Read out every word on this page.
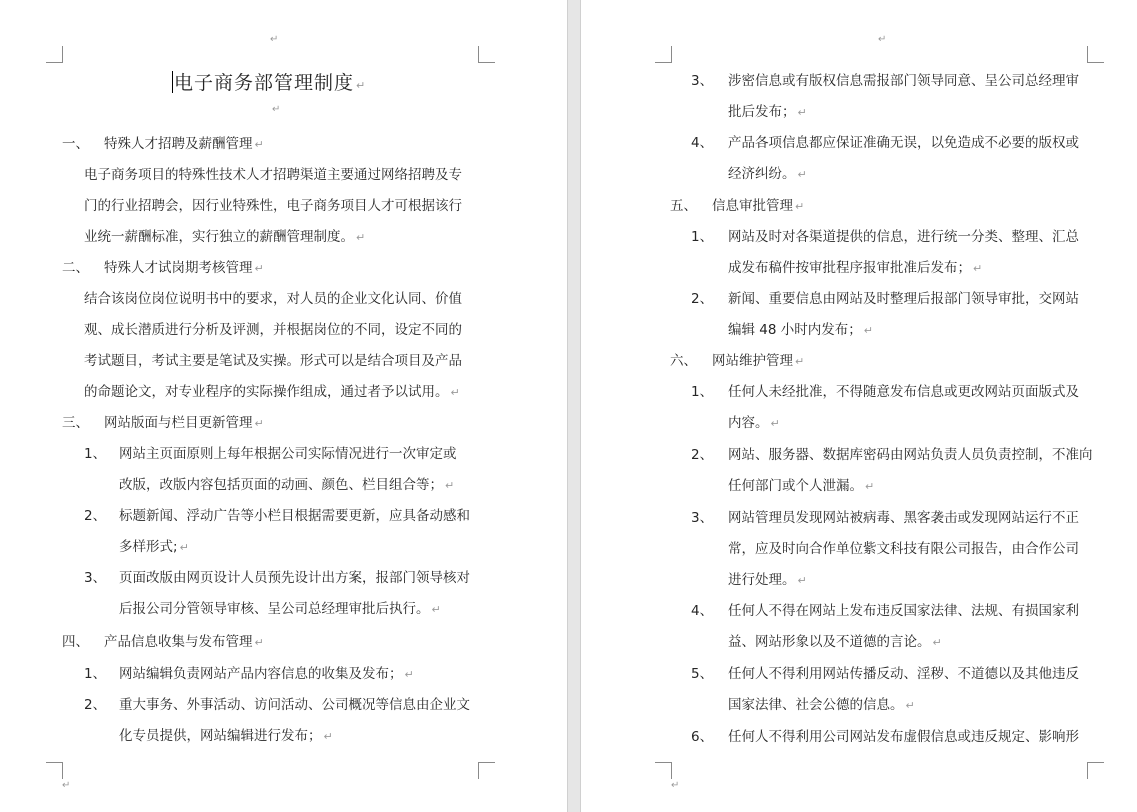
↵
↵
电子商务部管理制度 ↵
↵
一、 特殊人才招聘及薪酬管理 ↵
电子商务项目的特殊性技术人才招聘渠道主要通过网络招聘及专
门的行业招聘会，因行业特殊性，电子商务项目人才可根据该行
业统一薪酬标准，实行独立的薪酬管理制度。 ↵
二、 特殊人才试岗期考核管理 ↵
结合该岗位岗位说明书中的要求，对人员的企业文化认同、价值
观、成长潜质进行分析及评测，并根据岗位的不同，设定不同的
考试题目，考试主要是笔试及实操。形式可以是结合项目及产品
的命题论文，对专业程序的实际操作组成，通过者予以试用。 ↵
三、 网站版面与栏目更新管理 ↵
1、 网站主页面原则上每年根据公司实际情况进行一次审定或
改版，改版内容包括页面的动画、颜色、栏目组合等； ↵
2、 标题新闻、浮动广告等小栏目根据需要更新，应具备动感和
多样形式; ↵
3、 页面改版由网页设计人员预先设计出方案，报部门领导核对
后报公司分管领导审核、呈公司总经理审批后执行。 ↵
四、 产品信息收集与发布管理 ↵
1、 网站编辑负责网站产品内容信息的收集及发布； ↵
2、 重大事务、外事活动、访问活动、公司概况等信息由企业文
化专员提供，网站编辑进行发布； ↵
↵
↵
3、 涉密信息或有版权信息需报部门领导同意、呈公司总经理审
批后发布； ↵
4、 产品各项信息都应保证准确无误，以免造成不必要的版权或
经济纠纷。 ↵
五、 信息审批管理 ↵
1、 网站及时对各渠道提供的信息，进行统一分类、整理、汇总
成发布稿件按审批程序报审批准后发布； ↵
2、 新闻、重要信息由网站及时整理后报部门领导审批，交网站
编辑 48 小时内发布； ↵
六、 网站维护管理 ↵
1、 任何人未经批准，不得随意发布信息或更改网站页面版式及
内容。 ↵
2、 网站、服务器、数据库密码由网站负责人员负责控制，不准向
任何部门或个人泄漏。 ↵
3、 网站管理员发现网站被病毒、黑客袭击或发现网站运行不正
常，应及时向合作单位紫文科技有限公司报告，由合作公司
进行处理。 ↵
4、 任何人不得在网站上发布违反国家法律、法规、有损国家利
益、网站形象以及不道德的言论。 ↵
5、 任何人不得利用网站传播反动、淫秽、不道德以及其他违反
国家法律、社会公德的信息。 ↵
6、 任何人不得利用公司网站发布虚假信息或违反规定、影响形
